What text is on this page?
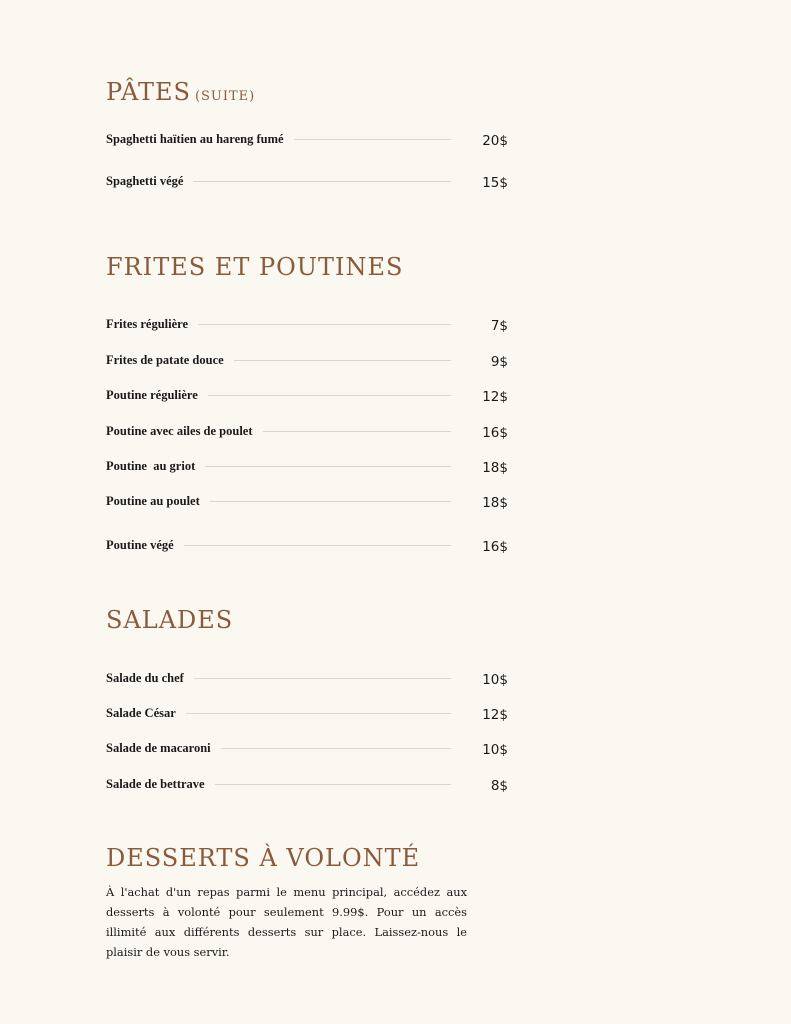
PÂTES (SUITE)
Spaghetti haïtien au hareng fumé	20$
Spaghetti végé	15$
FRITES ET POUTINES
Frites régulière	7$
Frites de patate douce	9$
Poutine régulière	12$
Poutine avec ailes de poulet	16$
Poutine  au griot	18$
Poutine au poulet	18$
Poutine végé	16$
SALADES
Salade du chef	10$
Salade César	12$
Salade de macaroni	10$
Salade de bettrave	8$
DESSERTS À VOLONTÉ

À l'achat d'un repas parmi le menu principal, accédez aux desserts à volonté pour seulement 9.99$. Pour un accès illimité aux différents desserts sur place. Laissez-nous le plaisir de vous servir.
